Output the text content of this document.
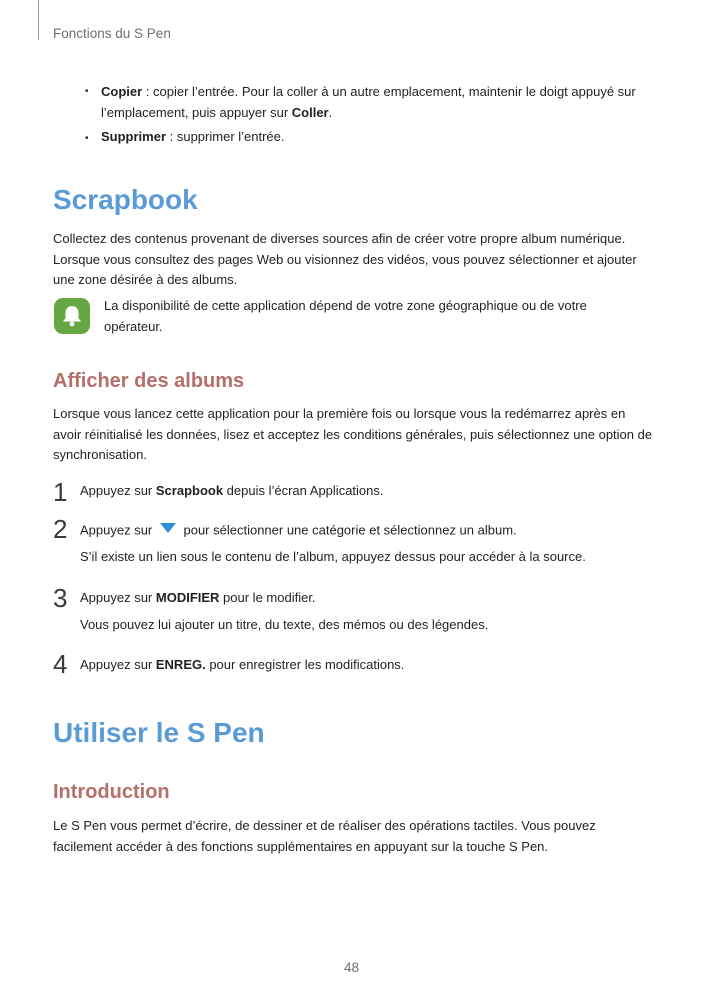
Fonctions du S Pen
• Copier : copier l’entrée. Pour la coller à un autre emplacement, maintenir le doigt appuyé sur l’emplacement, puis appuyer sur Coller.
• Supprimer : supprimer l’entrée.
Scrapbook
Collectez des contenus provenant de diverses sources afin de créer votre propre album numérique. Lorsque vous consultez des pages Web ou visionnez des vidéos, vous pouvez sélectionner et ajouter une zone désirée à des albums.
La disponibilité de cette application dépend de votre zone géographique ou de votre opérateur.
Afficher des albums
Lorsque vous lancez cette application pour la première fois ou lorsque vous la redémarrez après en avoir réinitialisé les données, lisez et acceptez les conditions générales, puis sélectionnez une option de synchronisation.
1 Appuyez sur Scrapbook depuis l’écran Applications.
2 Appuyez sur  pour sélectionner une catégorie et sélectionnez un album.
S’il existe un lien sous le contenu de l’album, appuyez dessus pour accéder à la source.
3 Appuyez sur MODIFIER pour le modifier.
Vous pouvez lui ajouter un titre, du texte, des mémos ou des légendes.
4 Appuyez sur ENREG. pour enregistrer les modifications.
Utiliser le S Pen
Introduction
Le S Pen vous permet d’écrire, de dessiner et de réaliser des opérations tactiles. Vous pouvez facilement accéder à des fonctions supplémentaires en appuyant sur la touche S Pen.
48
